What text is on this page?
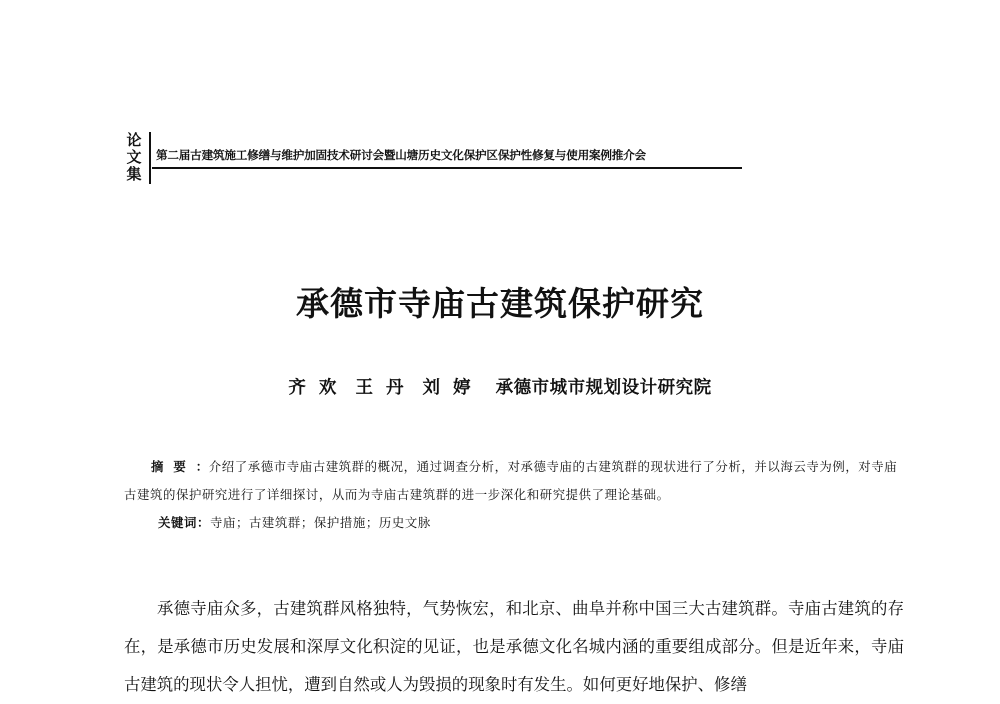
论
文
集
第二届古建筑施工修缮与维护加固技术研讨会暨山塘历史文化保护区保护性修复与使用案例推介会
承德市寺庙古建筑保护研究
齐欢 王丹 刘婷 承德市城市规划设计研究院

摘要：介绍了承德市寺庙古建筑群的概况，通过调查分析，对承德寺庙的古建筑群的现状进行了分析，并以海云寺为例，对寺庙古建筑的保护研究进行了详细探讨，从而为寺庙古建筑群的进一步深化和研究提供了理论基础。

关键词：寺庙；古建筑群；保护措施；历史文脉

承德寺庙众多，古建筑群风格独特，气势恢宏，和北京、曲阜并称中国三大古建筑群。寺庙古建筑的存在，是承德市历史发展和深厚文化积淀的见证，也是承德文化名城内涵的重要组成部分。但是近年来，寺庙古建筑的现状令人担忧，遭到自然或人为毁损的现象时有发生。如何更好地保护、修缮
